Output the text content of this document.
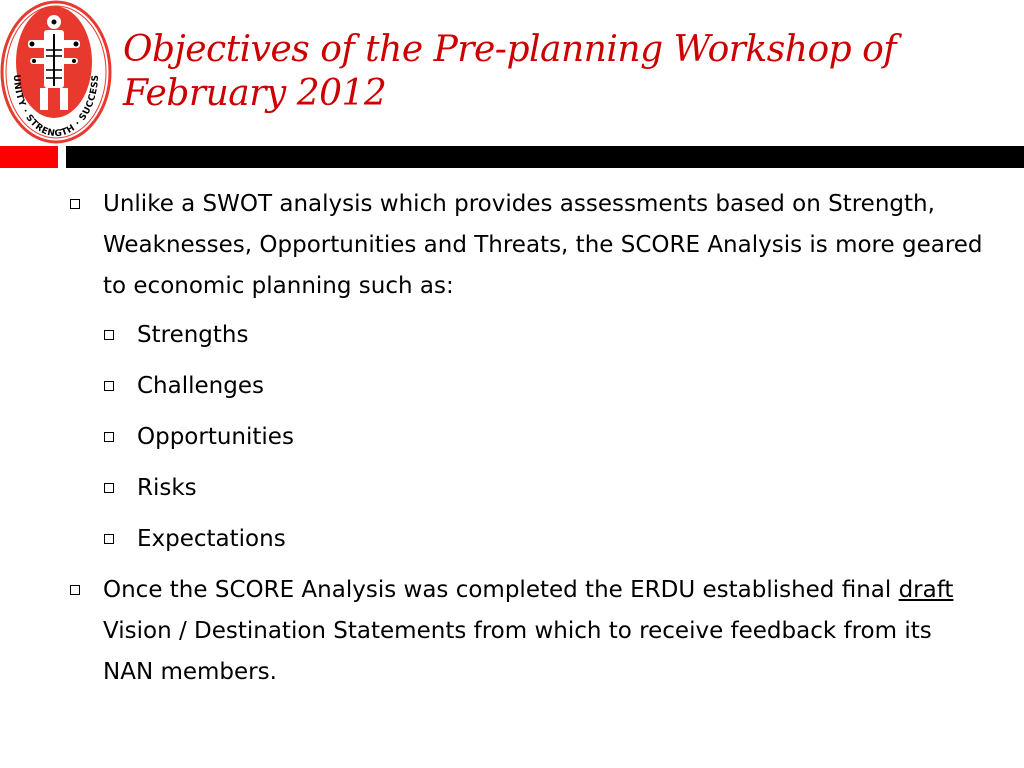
UNITY · STRENGTH · SUCCESS
Objectives of the Pre-planning Workshop of February 2012
Unlike a SWOT analysis which provides assessments based on Strength, Weaknesses, Opportunities and Threats, the SCORE Analysis is more geared to economic planning such as:
Strengths
Challenges
Opportunities
Risks
Expectations
Once the SCORE Analysis was completed the ERDU established final draft Vision / Destination Statements from which to receive feedback from its NAN members.
